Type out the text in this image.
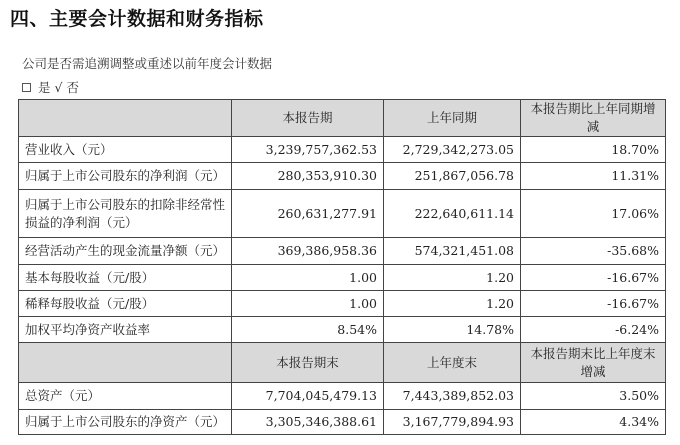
四、主要会计数据和财务指标
公司是否需追溯调整或重述以前年度会计数据
是 √ 否
	本报告期	上年同期	本报告期比上年同期增减
营业收入（元）	3,239,757,362.53	2,729,342,273.05	18.70%
归属于上市公司股东的净利润（元）	280,353,910.30	251,867,056.78	11.31%
归属于上市公司股东的扣除非经常性损益的净利润（元）	260,631,277.91	222,640,611.14	17.06%
经营活动产生的现金流量净额（元）	369,386,958.36	574,321,451.08	-35.68%
基本每股收益（元/股）	1.00	1.20	-16.67%
稀释每股收益（元/股）	1.00	1.20	-16.67%
加权平均净资产收益率	8.54%	14.78%	-6.24%
	本报告期末	上年度末	本报告期末比上年度末增减
总资产（元）	7,704,045,479.13	7,443,389,852.03	3.50%
归属于上市公司股东的净资产（元）	3,305,346,388.61	3,167,779,894.93	4.34%
